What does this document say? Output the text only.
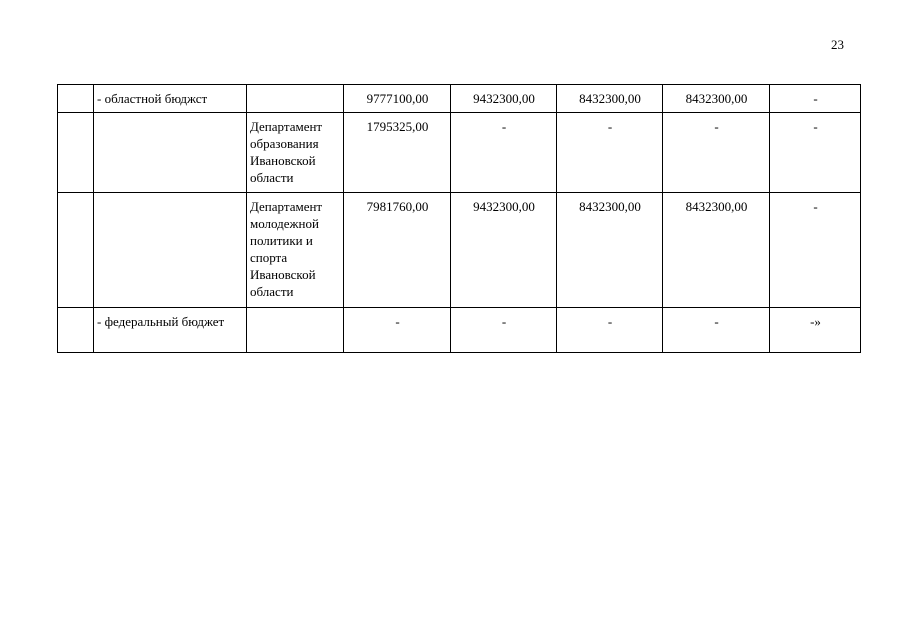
23
	- областной бюджст		9777100,00	9432300,00	8432300,00	8432300,00	-
		Департамент образования Ивановской области	1795325,00	-	-	-	-
		Департамент молодежной политики и спорта Ивановской области	7981760,00	9432300,00	8432300,00	8432300,00	-
	- федеральный бюджет		-	-	-	-	-»
